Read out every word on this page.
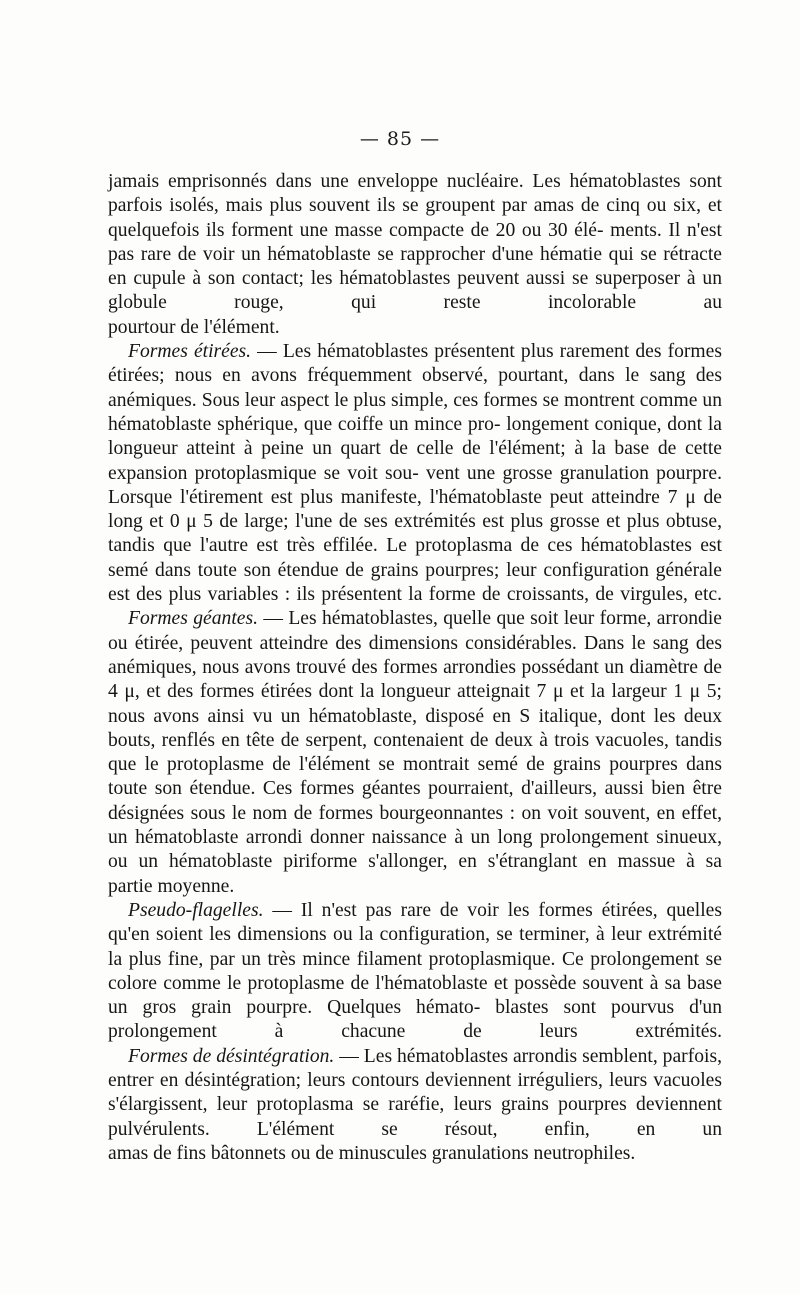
— 85 —

jamais emprisonnés dans une enveloppe nucléaire. Les hématoblastes sont parfois isolés, mais plus souvent ils se groupent par amas de cinq ou six, et quelquefois ils forment une masse compacte de 20 ou 30 élé- ments. Il n'est pas rare de voir un hématoblaste se rapprocher d'une hématie qui se rétracte en cupule à son contact; les hématoblastes peuvent aussi se superposer à un globule rouge, qui reste incolorable au

pourtour de l'élément.

Formes étirées. — Les hématoblastes présentent plus rarement des formes étirées; nous en avons fréquemment observé, pourtant, dans le sang des anémiques. Sous leur aspect le plus simple, ces formes se montrent comme un hématoblaste sphérique, que coiffe un mince pro- longement conique, dont la longueur atteint à peine un quart de celle de l'élément; à la base de cette expansion protoplasmique se voit sou- vent une grosse granulation pourpre. Lorsque l'étirement est plus manifeste, l'hématoblaste peut atteindre 7 μ de long et 0 μ 5 de large; l'une de ses extrémités est plus grosse et plus obtuse, tandis que l'autre est très effilée. Le protoplasma de ces hématoblastes est semé dans toute son étendue de grains pourpres; leur configuration générale est des plus variables : ils présentent la forme de croissants, de virgules, etc.

Formes géantes. — Les hématoblastes, quelle que soit leur forme, arrondie ou étirée, peuvent atteindre des dimensions considérables. Dans le sang des anémiques, nous avons trouvé des formes arrondies possédant un diamètre de 4 μ, et des formes étirées dont la longueur atteignait 7 μ et la largeur 1 μ 5; nous avons ainsi vu un hématoblaste, disposé en S italique, dont les deux bouts, renflés en tête de serpent, contenaient de deux à trois vacuoles, tandis que le protoplasme de l'élément se montrait semé de grains pourpres dans toute son étendue. Ces formes géantes pourraient, d'ailleurs, aussi bien être désignées sous le nom de formes bourgeonnantes : on voit souvent, en effet, un hématoblaste arrondi donner naissance à un long prolongement sinueux, ou un hématoblaste piriforme s'allonger, en s'étranglant en massue à sa

partie moyenne.

Pseudo-flagelles. — Il n'est pas rare de voir les formes étirées, quelles qu'en soient les dimensions ou la configuration, se terminer, à leur extrémité la plus fine, par un très mince filament protoplasmique. Ce prolongement se colore comme le protoplasme de l'hématoblaste et possède souvent à sa base un gros grain pourpre. Quelques hémato- blastes sont pourvus d'un prolongement à chacune de leurs extrémités.

Formes de désintégration. — Les hématoblastes arrondis semblent, parfois, entrer en désintégration; leurs contours deviennent irréguliers, leurs vacuoles s'élargissent, leur protoplasma se raréfie, leurs grains pourpres deviennent pulvérulents. L'élément se résout, enfin, en un

amas de fins bâtonnets ou de minuscules granulations neutrophiles.
